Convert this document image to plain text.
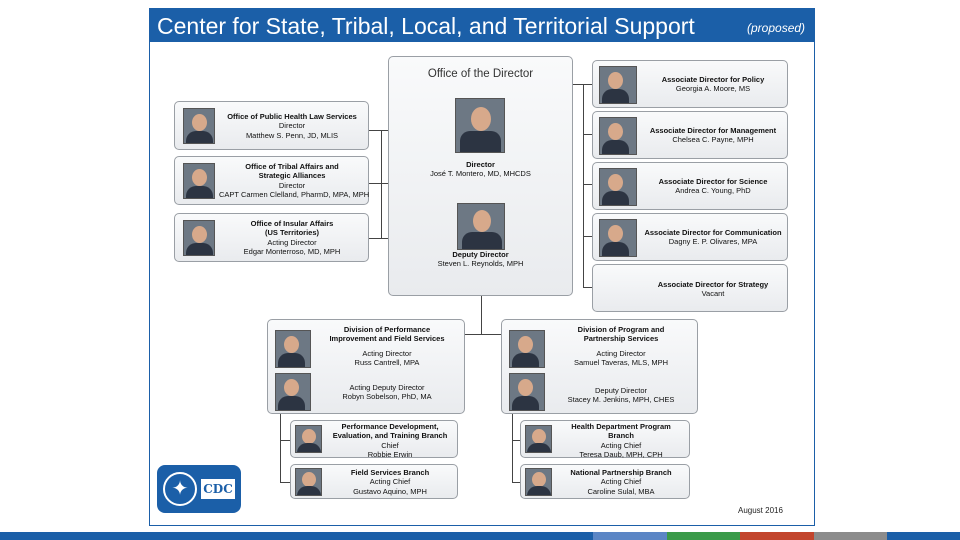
Center for State, Tribal, Local, and Territorial Support	(proposed)
Office of the Director
Director
José T. Montero, MD, MHCDS
Deputy Director
Steven L. Reynolds, MPH
Office of Public Health Law Services
Director
Matthew S. Penn, JD, MLIS
Office of Tribal Affairs and
Strategic Alliances
Director
CAPT Carmen Clelland, PharmD, MPA, MPH
Office of Insular Affairs
(US Territories)
Acting Director
Edgar Monterroso, MD, MPH
Associate Director for Policy
Georgia A. Moore, MS
Associate Director for Management
Chelsea C. Payne, MPH
Associate Director for Science
Andrea C. Young, PhD
Associate Director for Communication
Dagny E. P. Olivares, MPA
Associate Director for Strategy
Vacant
Division of Performance
Improvement and Field Services
Acting Director
Russ Cantrell, MPA
Acting Deputy Director
Robyn Sobelson, PhD, MA
Performance Development,
Evaluation, and Training Branch
Chief
Robbie Erwin
Field Services Branch
Acting Chief
Gustavo Aquino, MPH
Division of Program and
Partnership Services
Acting Director
Samuel Taveras, MLS, MPH
Deputy Director
Stacey M. Jenkins, MPH, CHES
Health Department Program
Branch
Acting Chief
Teresa Daub, MPH, CPH
National Partnership Branch
Acting Chief
Caroline Sulal, MBA
✦	CDC
August 2016
